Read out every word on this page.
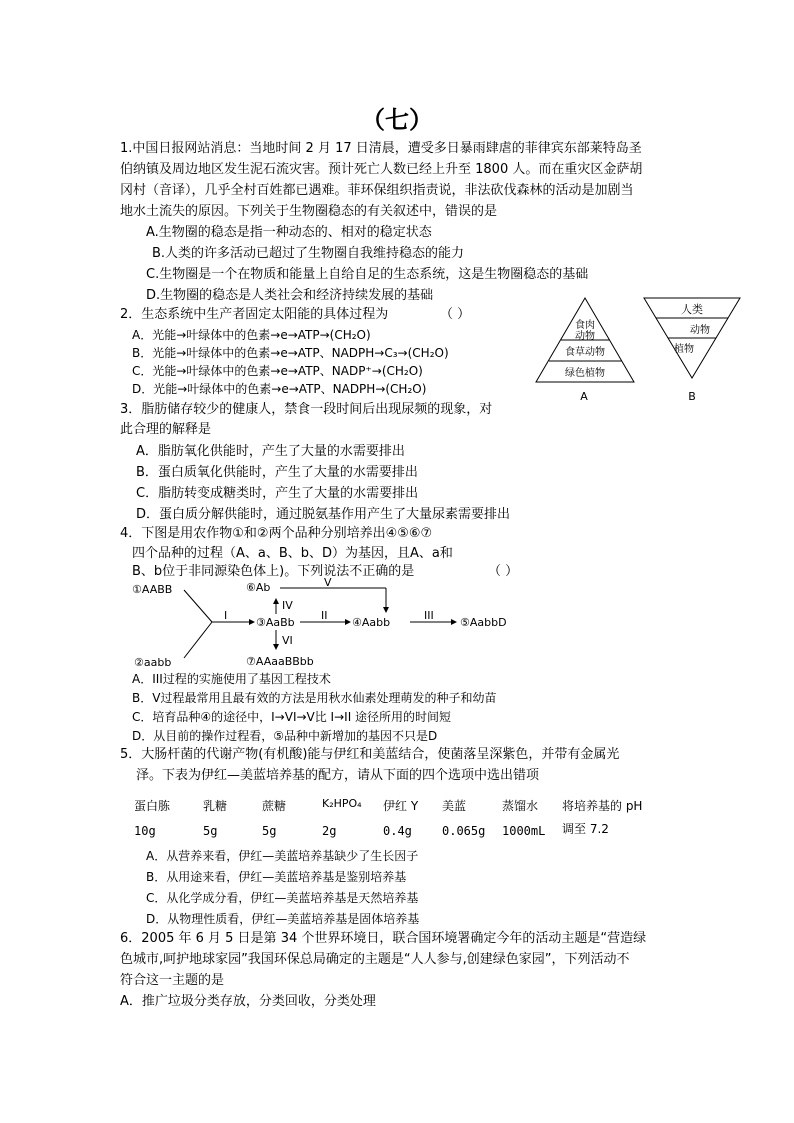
（七）
1.中国日报网站消息：当地时间 2 月 17 日清晨，遭受多日暴雨肆虐的菲律宾东部莱特岛圣
伯纳镇及周边地区发生泥石流灾害。预计死亡人数已经上升至 1800 人。而在重灾区金萨胡
冈村（音译），几乎全村百姓都已遇难。菲环保组织指责说，非法砍伐森林的活动是加剧当
地水土流失的原因。下列关于生物圈稳态的有关叙述中，错误的是
A.生物圈的稳态是指一种动态的、相对的稳定状态
B.人类的许多活动已超过了生物圈自我维持稳态的能力
C.生物圈是一个在物质和能量上自给自足的生态系统，这是生物圈稳态的基础
D.生物圈的稳态是人类社会和经济持续发展的基础
2．生态系统中生产者固定太阳能的具体过程为	（ ）
A．光能→叶绿体中的色素→e→ATP→(CH₂O)
B．光能→叶绿体中的色素→e→ATP、NADPH→C₃→(CH₂O)
C．光能→叶绿体中的色素→e→ATP、NADP⁺→(CH₂O)
D．光能→叶绿体中的色素→e→ATP、NADPH→(CH₂O)
食肉动物
食草动物
绿色植物
A
人类
动物
植物
B
3．脂肪储存较少的健康人，禁食一段时间后出现尿频的现象，对
此合理的解释是
A．脂肪氧化供能时，产生了大量的水需要排出
B．蛋白质氧化供能时，产生了大量的水需要排出
C．脂肪转变成糖类时，产生了大量的水需要排出
D．蛋白质分解供能时，通过脱氨基作用产生了大量尿素需要排出
4．下图是用农作物①和②两个品种分别培养出④⑤⑥⑦
四个品种的过程（A、a、B、b、D）为基因，且A、a和
B、b位于非同源染色体上)。下列说法不正确的是	（ ）
①AABB
②aabb
③AaBb	④Aabb	⑤AabbD
⑥Ab
⑦AAaaBBbb
I	II	III
IV
V
VI
A．III过程的实施使用了基因工程技术
B．V过程最常用且最有效的方法是用秋水仙素处理萌发的种子和幼苗
C．培育品种④的途径中，I→VI→V比 I→II 途径所用的时间短
D．从目前的操作过程看，⑤品种中新增加的基因不只是D
5．大肠杆菌的代谢产物(有机酸)能与伊红和美蓝结合，使菌落呈深紫色，并带有金属光
泽。下表为伊红—美蓝培养基的配方，请从下面的四个选项中选出错项
蛋白胨	乳糖	蔗糖	K₂HPO₄ 伊红 Y 美蓝	蒸馏水 将培养基的 pH
10g	5g	5g	2g	0.4g	0.065g 1000mL 调至 7.2
A．从营养来看，伊红—美蓝培养基缺少了生长因子
B．从用途来看，伊红—美蓝培养基是鉴别培养基
C．从化学成分看，伊红—美蓝培养基是天然培养基
D．从物理性质看，伊红—美蓝培养基是固体培养基
6．2005 年 6 月 5 日是第 34 个世界环境日，联合国环境署确定今年的活动主题是“营造绿
色城市,呵护地球家园”我国环保总局确定的主题是“人人参与,创建绿色家园”，下列活动不
符合这一主题的是
A．推广垃圾分类存放，分类回收，分类处理
